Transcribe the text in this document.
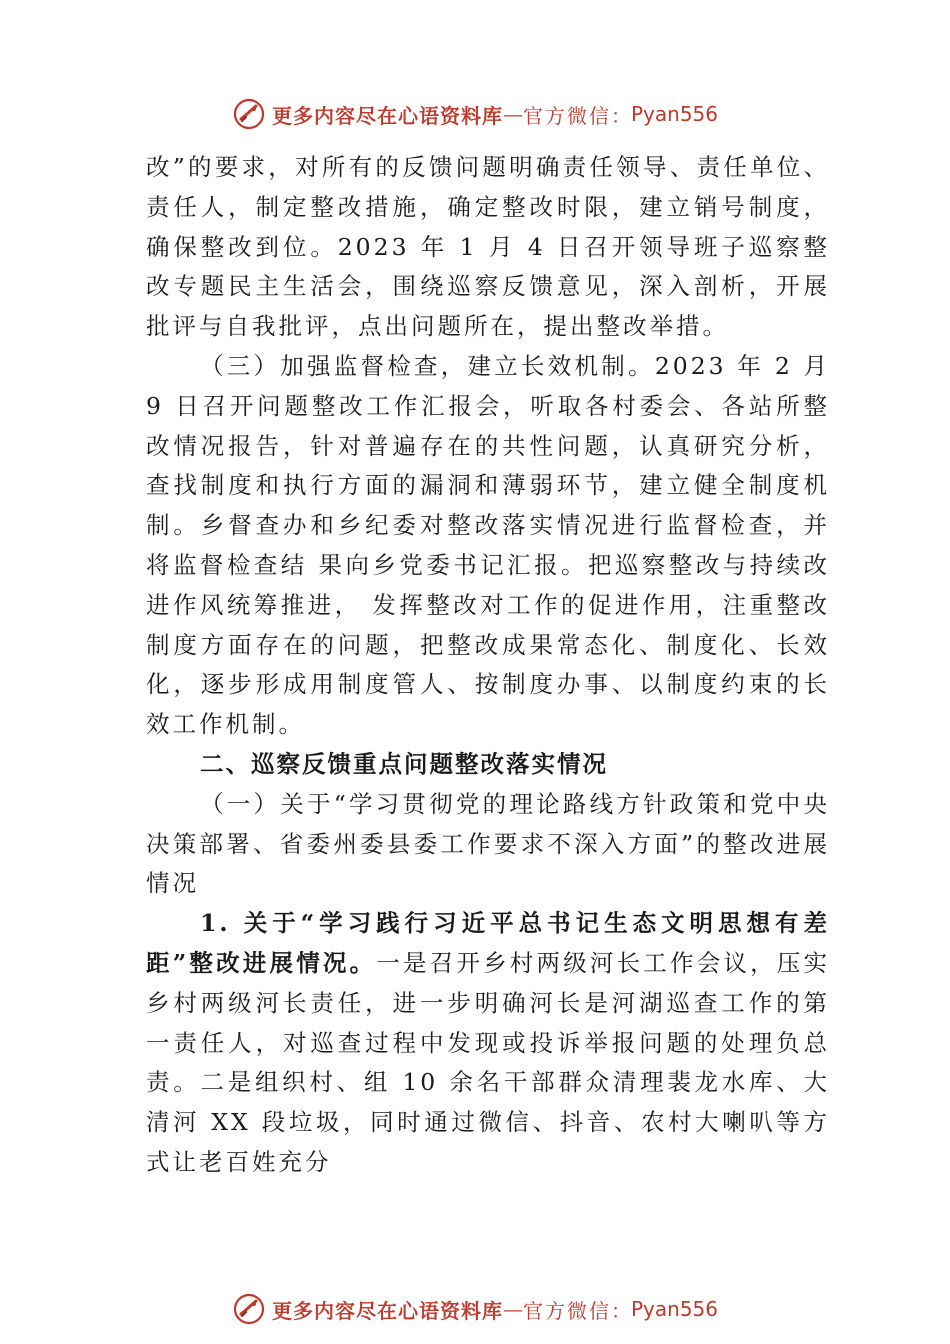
更多内容尽在心语资料库 — 官方微信 ： Pyan556

改”的要求，对所有的反馈问题明确责任领导、责任单位、 责任人，制定整改措施，确定整改时限，建立销号制度，确保整改到位。2023 年 1 月 4 日召开领导班子巡察整改专题民主生活会，围绕巡察反馈意见，深入剖析，开展批评与自我批评，点出问题所在，提出整改举措。

（三）加强监督检查，建立长效机制。2023 年 2 月 9 日召开问题整改工作汇报会，听取各村委会、各站所整改情况报告，针对普遍存在的共性问题，认真研究分析，查找制度和执行方面的漏洞和薄弱环节，建立健全制度机制。乡督查办和乡纪委对整改落实情况进行监督检查，并将监督检查结 果向乡党委书记汇报。把巡察整改与持续改进作风统筹推进， 发挥整改对工作的促进作用，注重整改制度方面存在的问题，把整改成果常态化、制度化、长效化，逐步形成用制度管人、按制度办事、以制度约束的长效工作机制。

二、巡察反馈重点问题整改落实情况

（一）关于“学习贯彻党的理论路线方针政策和党中央决策部署、省委州委县委工作要求不深入方面”的整改进展情况

1. 关于“学习践行习近平总书记生态文明思想有差距”整改进展情况。一是召开乡村两级河长工作会议，压实乡村两级河长责任，进一步明确河长是河湖巡查工作的第一责任人，对巡查过程中发现或投诉举报问题的处理负总责。二是组织村、组 10 余名干部群众清理裴龙水库、大清河 XX 段垃圾，同时通过微信、抖音、农村大喇叭等方式让老百姓充分

更多内容尽在心语资料库 — 官方微信 ： Pyan556
